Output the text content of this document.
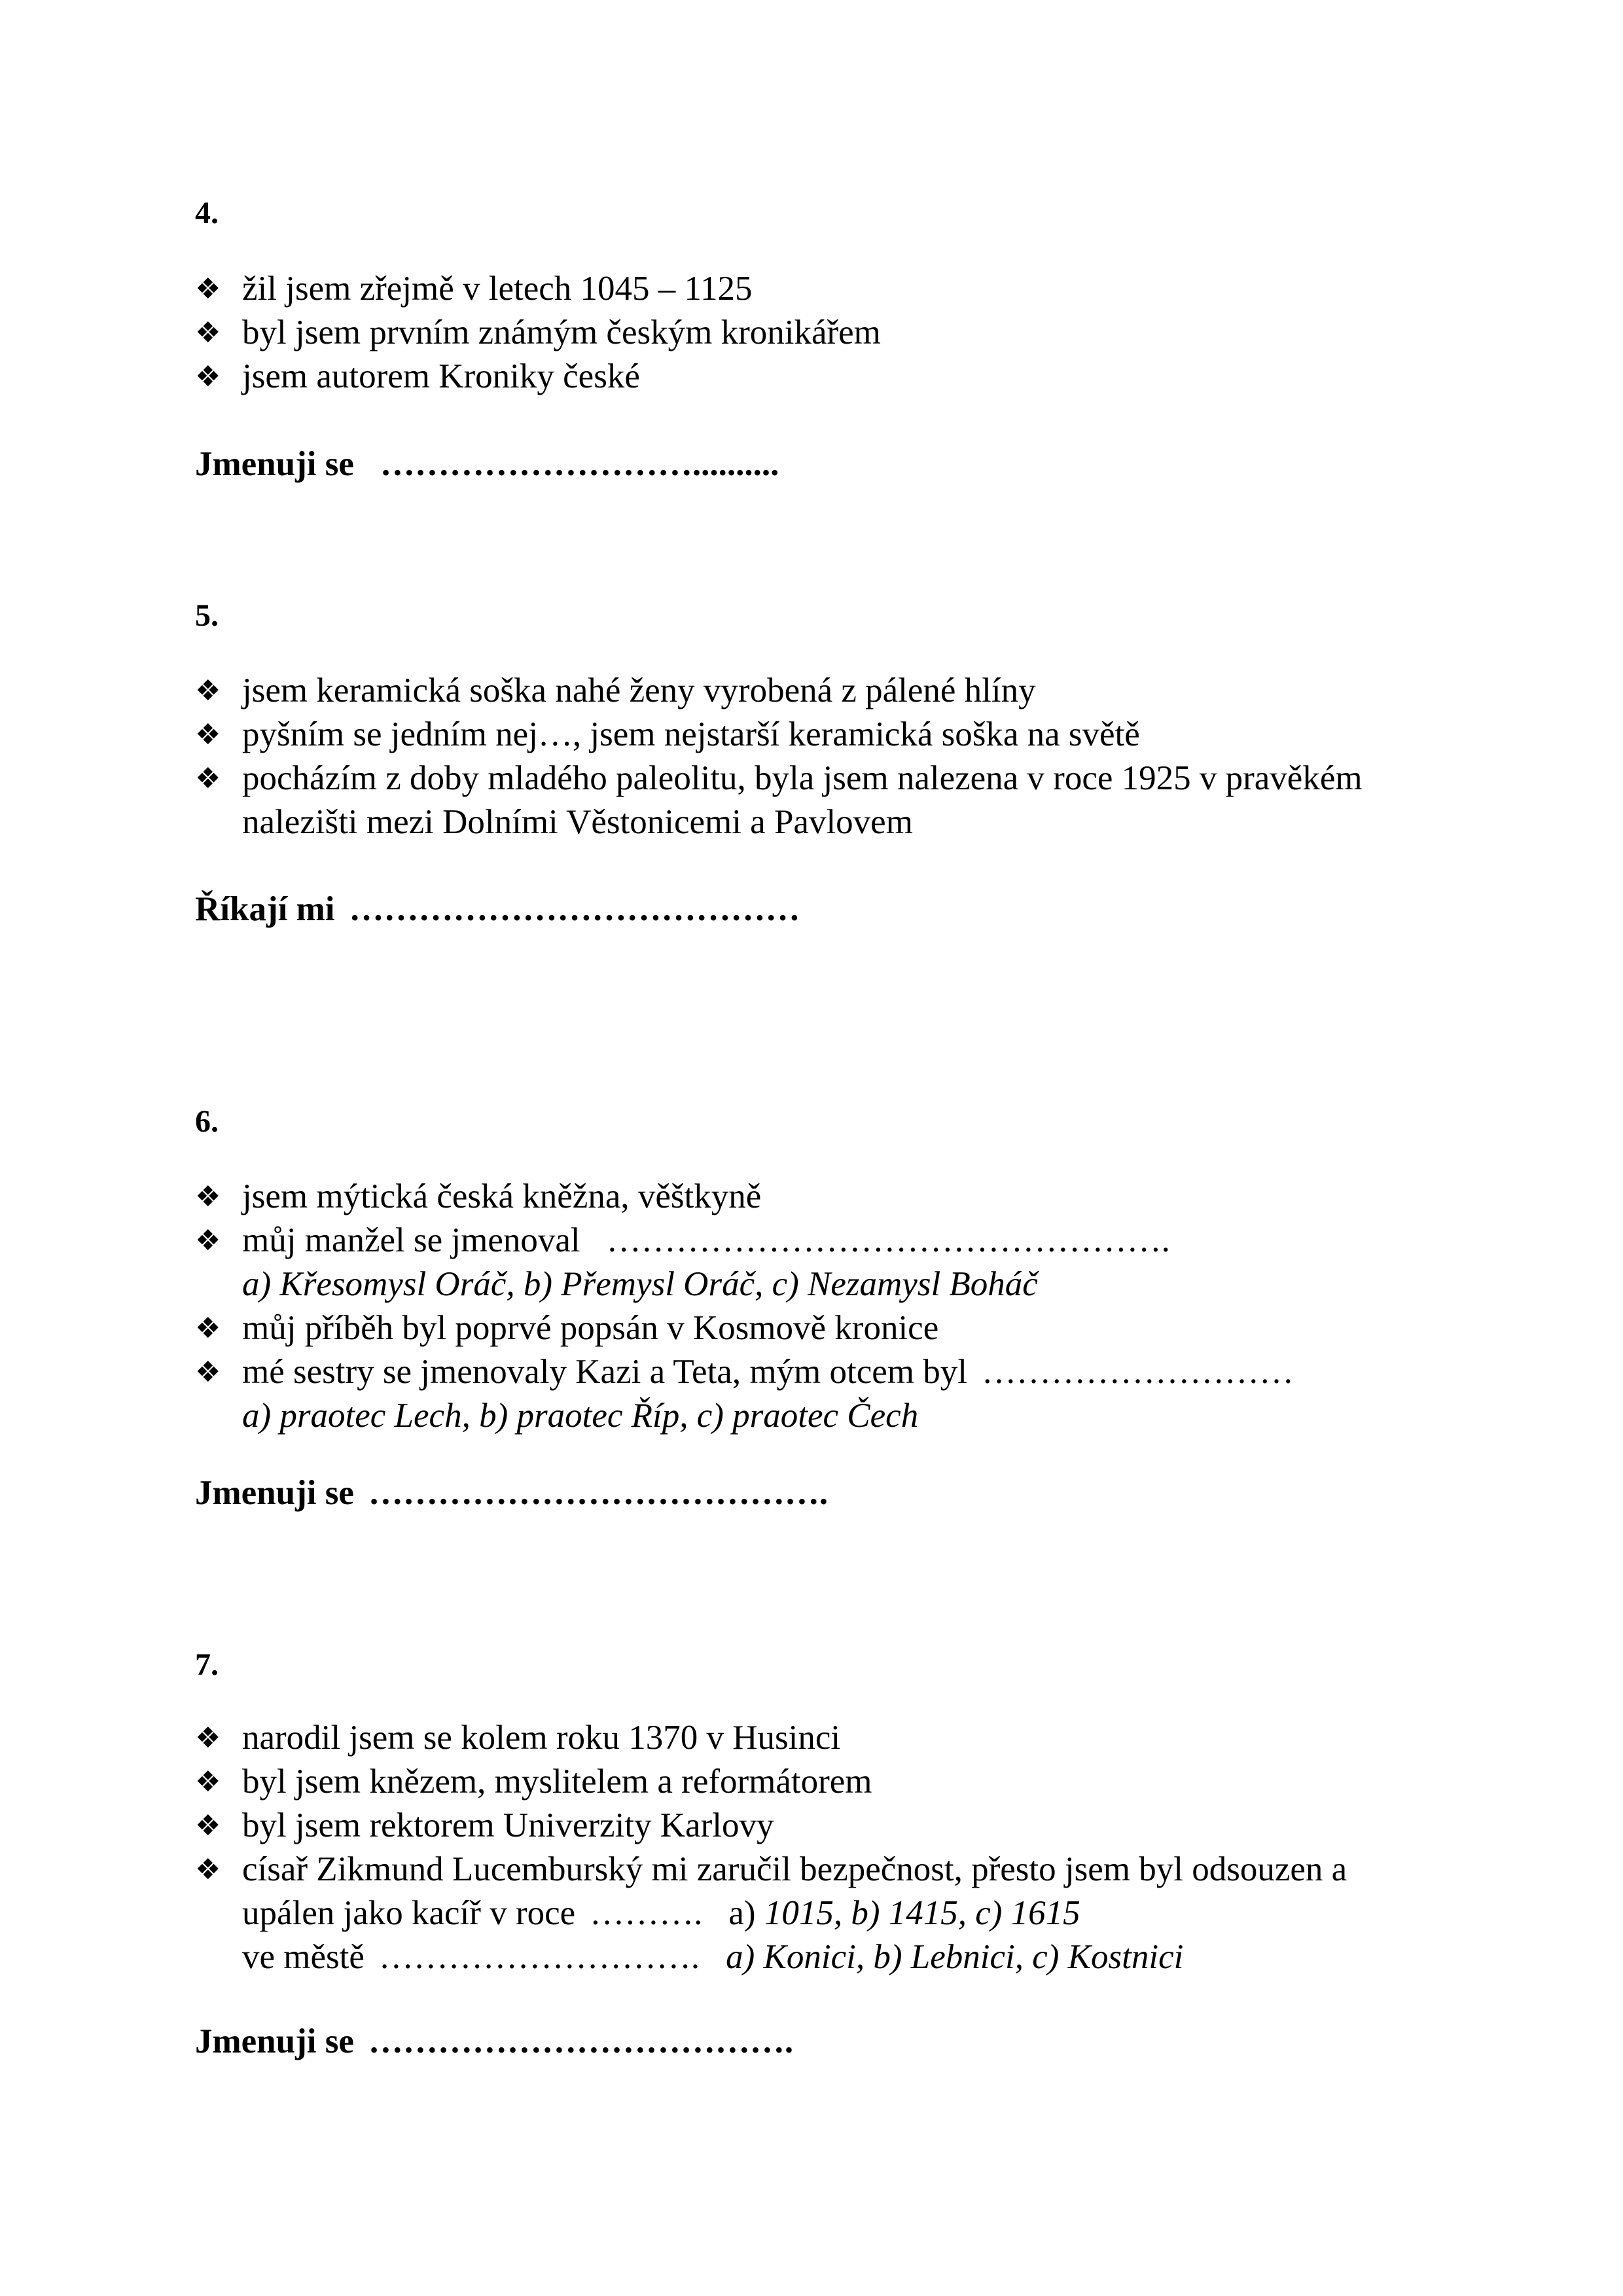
4.

❖ žil jsem zřejmě v letech 1045 – 1125
❖ byl jsem prvním známým českým kronikářem
❖ jsem autorem Kroniky české

Jmenuji se ………………………..........

5.

❖ jsem keramická soška nahé ženy vyrobená z pálené hlíny
❖ pyšním se jedním nej…, jsem nejstarší keramická soška na světě
❖ pocházím z doby mladého paleolitu, byla jsem nalezena v roce 1925 v pravěkém
nalezišti mezi Dolními Věstonicemi a Pavlovem

Říkají mi …………………………………

6.

❖ jsem mýtická česká kněžna, věštkyně
❖ můj manžel se jmenoval ………………………………………….
a) Křesomysl Oráč, b) Přemysl Oráč, c) Nezamysl Boháč
❖ můj příběh byl poprvé popsán v Kosmově kronice
❖ mé sestry se jmenovaly Kazi a Teta, mým otcem byl ………………………
a) praotec Lech, b) praotec Říp, c) praotec Čech

Jmenuji se ………………………………….

7.

❖ narodil jsem se kolem roku 1370 v Husinci
❖ byl jsem knězem, myslitelem a reformátorem
❖ byl jsem rektorem Univerzity Karlovy
❖ císař Zikmund Lucemburský mi zaručil bezpečnost, přesto jsem byl odsouzen a
upálen jako kacíř v roce ………. a) 1015, b) 1415, c) 1615
ve městě ………………………. a) Konici, b) Lebnici, c) Kostnici

Jmenuji se ……………………………….
